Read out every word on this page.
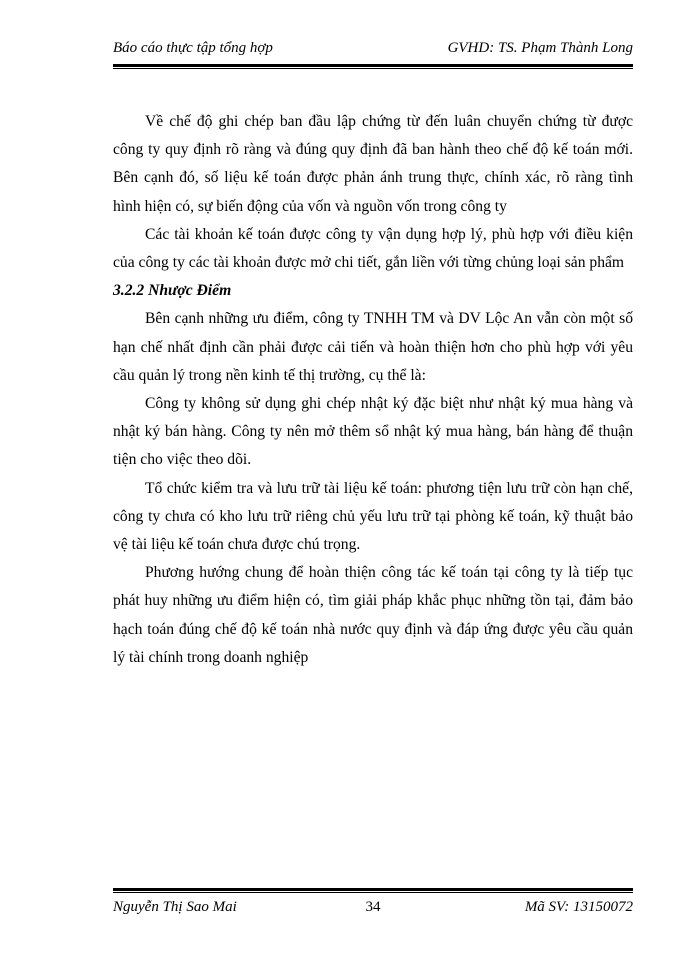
Báo cáo thực tập tổng hợp	GVHD: TS. Phạm Thành Long

Về chế độ ghi chép ban đầu lập chứng từ đến luân chuyển chứng từ được công ty quy định rõ ràng và đúng quy định đã ban hành theo chế độ kế toán mới. Bên cạnh đó, số liệu kế toán được phản ánh trung thực, chính xác, rõ ràng tình hình hiện có, sự biến động của vốn và nguồn vốn trong công ty

Các tài khoản kế toán được công ty vận dụng hợp lý, phù hợp với điều kiện của công ty các tài khoản được mở chi tiết, gắn liền với từng chủng loại sản phẩm

3.2.2 Nhược Điểm

Bên cạnh những ưu điểm, công ty TNHH TM và DV Lộc An vẫn còn một số hạn chế nhất định cần phải được cải tiến và hoàn thiện hơn cho phù hợp với yêu cầu quản lý trong nền kinh tế thị trường, cụ thể là:

Công ty không sử dụng ghi chép nhật ký đặc biệt như nhật ký mua hàng và nhật ký bán hàng. Công ty nên mở thêm sổ nhật ký mua hàng, bán hàng để thuận tiện cho việc theo dõi.

Tổ chức kiểm tra và lưu trữ tài liệu kế toán: phương tiện lưu trữ còn hạn chế, công ty chưa có kho lưu trữ riêng chủ yếu lưu trữ tại phòng kế toán, kỹ thuật bảo vệ tài liệu kế toán chưa được chú trọng.

Phương hướng chung để hoàn thiện công tác kế toán tại công ty là tiếp tục phát huy những ưu điểm hiện có, tìm giải pháp khắc phục những tồn tại, đảm bảo hạch toán đúng chế độ kế toán nhà nước quy định và đáp ứng được yêu cầu quản lý tài chính trong doanh nghiệp

Nguyễn Thị Sao Mai	34	Mã SV: 13150072
